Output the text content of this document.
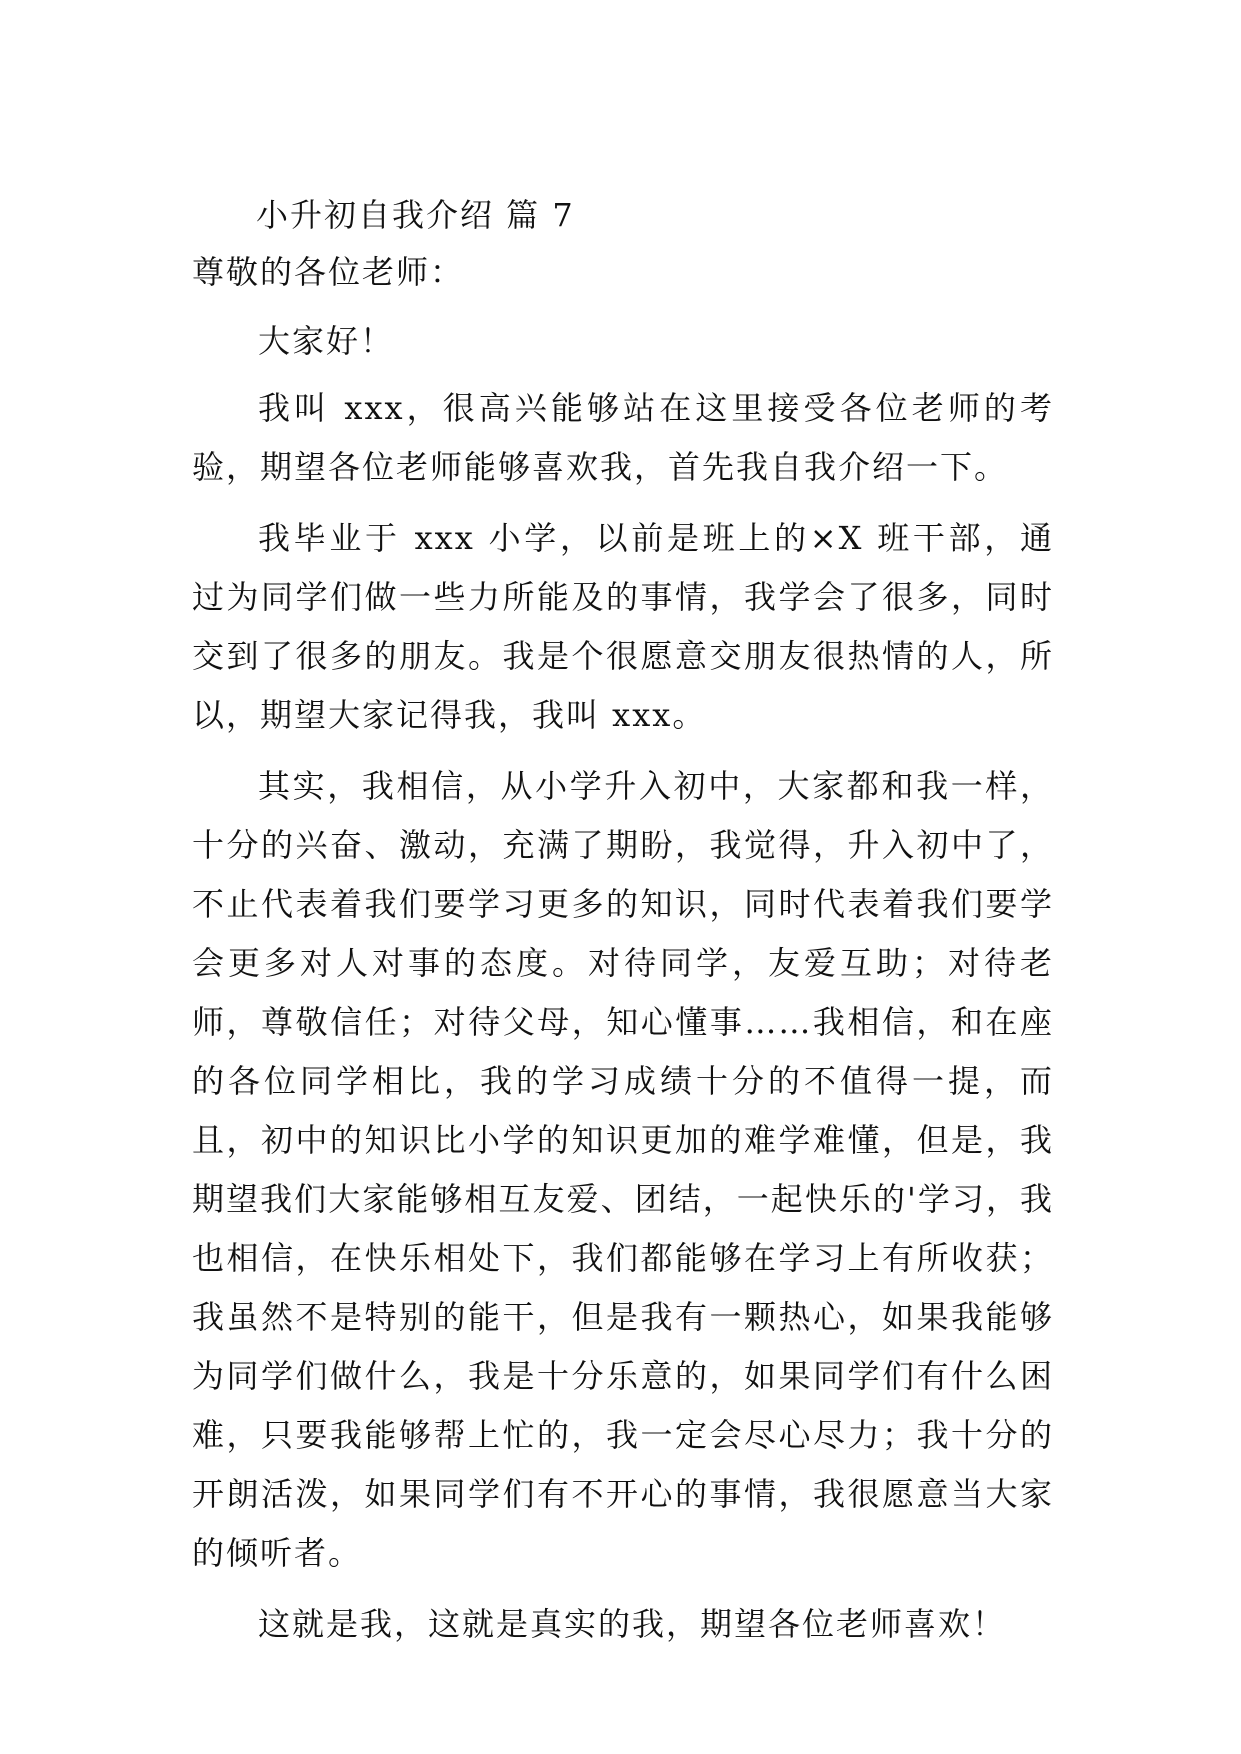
小升初自我介绍 篇 7

尊敬的各位老师：

大家好！

我叫 xxx，很高兴能够站在这里接受各位老师的考验，期望各位老师能够喜欢我，首先我自我介绍一下。

我毕业于 xxx 小学，以前是班上的×X 班干部，通过为同学们做一些力所能及的事情，我学会了很多，同时交到了很多的朋友。我是个很愿意交朋友很热情的人，所以，期望大家记得我，我叫 xxx。

其实，我相信，从小学升入初中，大家都和我一样，十分的兴奋、激动，充满了期盼，我觉得，升入初中了，不止代表着我们要学习更多的知识，同时代表着我们要学会更多对人对事的态度。对待同学，友爱互助；对待老师，尊敬信任；对待父母，知心懂事……我相信，和在座的各位同学相比，我的学习成绩十分的不值得一提，而且，初中的知识比小学的知识更加的难学难懂，但是，我期望我们大家能够相互友爱、团结，一起快乐的'学习，我也相信，在快乐相处下，我们都能够在学习上有所收获；我虽然不是特别的能干，但是我有一颗热心，如果我能够为同学们做什么，我是十分乐意的，如果同学们有什么困难，只要我能够帮上忙的，我一定会尽心尽力；我十分的开朗活泼，如果同学们有不开心的事情，我很愿意当大家的倾听者。

这就是我，这就是真实的我，期望各位老师喜欢！
